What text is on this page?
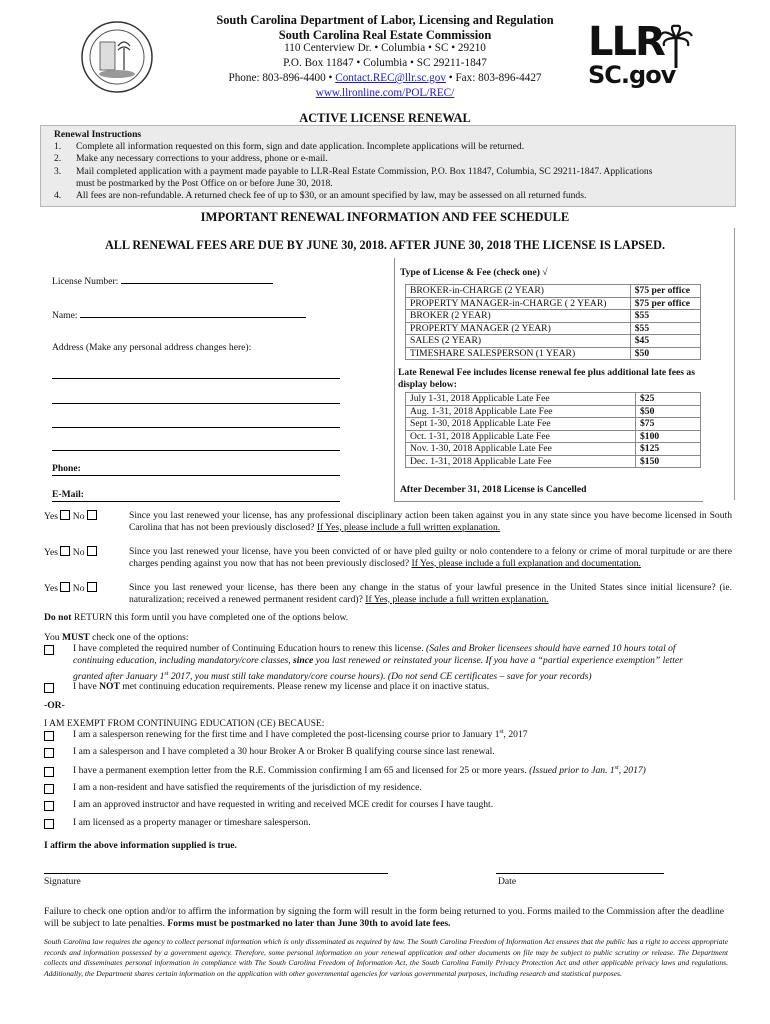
South Carolina Department of Labor, Licensing and Regulation
South Carolina Real Estate Commission
110 Centerview Dr. • Columbia • SC • 29210
P.O. Box 11847 • Columbia • SC 29211-1847
Phone: 803-896-4400 • Contact.REC@llr.sc.gov • Fax: 803-896-4427
www.llronline.com/POL/REC/
LLR
SC.gov
ACTIVE LICENSE RENEWAL
Renewal Instructions
1. Complete all information requested on this form, sign and date application. Incomplete applications will be returned.
2. Make any necessary corrections to your address, phone or e-mail.
3. Mail completed application with a payment made payable to LLR-Real Estate Commission, P.O. Box 11847, Columbia, SC 29211-1847. Applications
must be postmarked by the Post Office on or before June 30, 2018.
4. All fees are non-refundable. A returned check fee of up to $30, or an amount specified by law, may be assessed on all returned funds.
IMPORTANT RENEWAL INFORMATION AND FEE SCHEDULE
ALL RENEWAL FEES ARE DUE BY JUNE 30, 2018. AFTER JUNE 30, 2018 THE LICENSE IS LAPSED.
License Number:
Name:
Address (Make any personal address changes here):
Phone:
E-Mail:
Type of License & Fee (check one) √
BROKER-in-CHARGE (2 YEAR)	$75 per office
PROPERTY MANAGER-in-CHARGE ( 2 YEAR)	$75 per office
BROKER (2 YEAR)	$55
PROPERTY MANAGER (2 YEAR)	$55
SALES (2 YEAR)	$45
TIMESHARE SALESPERSON (1 YEAR)	$50
Late Renewal Fee includes license renewal fee plus additional late fees as display below:
July 1-31, 2018 Applicable Late Fee	$25
Aug. 1-31, 2018 Applicable Late Fee	$50
Sept 1-30, 2018 Applicable Late Fee	$75
Oct. 1-31, 2018 Applicable Late Fee	$100
Nov. 1-30, 2018 Applicable Late Fee	$125
Dec. 1-31, 2018 Applicable Late Fee	$150
After December 31, 2018 License is Cancelled
Yes No	Since you last renewed your license, has any professional disciplinary action been taken against you in any state since you have become licensed in South Carolina that has not been previously disclosed? If Yes, please include a full written explanation.
Yes No	Since you last renewed your license, have you been convicted of or have pled guilty or nolo contendere to a felony or crime of moral turpitude or are there charges pending against you now that has not been previously disclosed? If Yes, please include a full explanation and documentation.
Yes No	Since you last renewed your license, has there been any change in the status of your lawful presence in the United States since initial licensure? (ie. naturalization; received a renewed permanent resident card)? If Yes, please include a full written explanation.
Do not RETURN this form until you have completed one of the options below.
You MUST check one of the options:
I have completed the required number of Continuing Education hours to renew this license. (Sales and Broker licensees should have earned 10 hours total of continuing education, including mandatory/core classes, since you last renewed or reinstated your license. If you have a “partial experience exemption” letter granted after January 1st 2017, you must still take mandatory/core course hours). (Do not send CE certificates – save for your records)
I have NOT met continuing education requirements. Please renew my license and place it on inactive status.
-OR-
I AM EXEMPT FROM CONTINUING EDUCATION (CE) BECAUSE:
I am a salesperson renewing for the first time and I have completed the post-licensing course prior to January 1st, 2017
I am a salesperson and I have completed a 30 hour Broker A or Broker B qualifying course since last renewal.
I have a permanent exemption letter from the R.E. Commission confirming I am 65 and licensed for 25 or more years. (Issued prior to Jan. 1st, 2017)
I am a non-resident and have satisfied the requirements of the jurisdiction of my residence.
I am an approved instructor and have requested in writing and received MCE credit for courses I have taught.
I am licensed as a property manager or timeshare salesperson.
I affirm the above information supplied is true.
Signature	Date
Failure to check one option and/or to affirm the information by signing the form will result in the form being returned to you. Forms mailed to the Commission after the deadline will be subject to late penalties. Forms must be postmarked no later than June 30th to avoid late fees.
South Carolina law requires the agency to collect personal information which is only disseminated as required by law. The South Carolina Freedom of Information Act ensures that the public has a right to access appropriate records and information possessed by a government agency. Therefore, some personal information on your renewal application and other documents on file may be subject to public scrutiny or release. The Department collects and disseminates personal information in compliance with The South Carolina Freedom of Information Act, the South Carolina Family Privacy Protection Act and other applicable privacy laws and regulations. Additionally, the Department shares certain information on the application with other governmental agencies for various governmental purposes, including research and statistical purposes.
